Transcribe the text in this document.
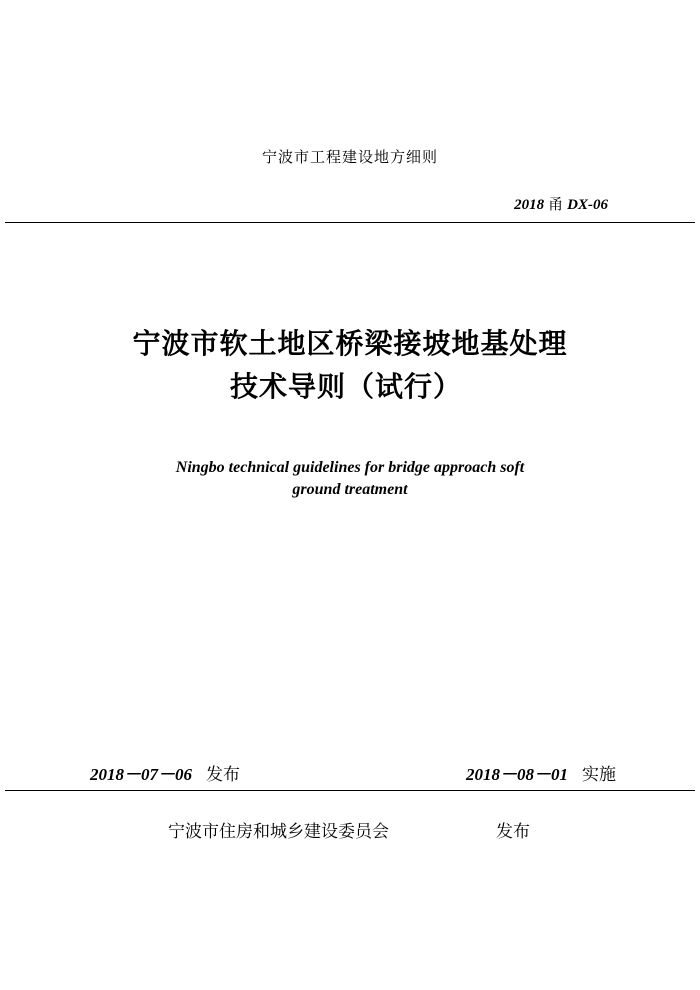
宁波市工程建设地方细则
2018 甬 DX-06
宁波市软土地区桥梁接坡地基处理
技术导则（试行）
Ningbo technical guidelines for bridge approach soft
ground treatment
2018－07－06 发布	2018－08－01 实施
宁波市住房和城乡建设委员会	发布
